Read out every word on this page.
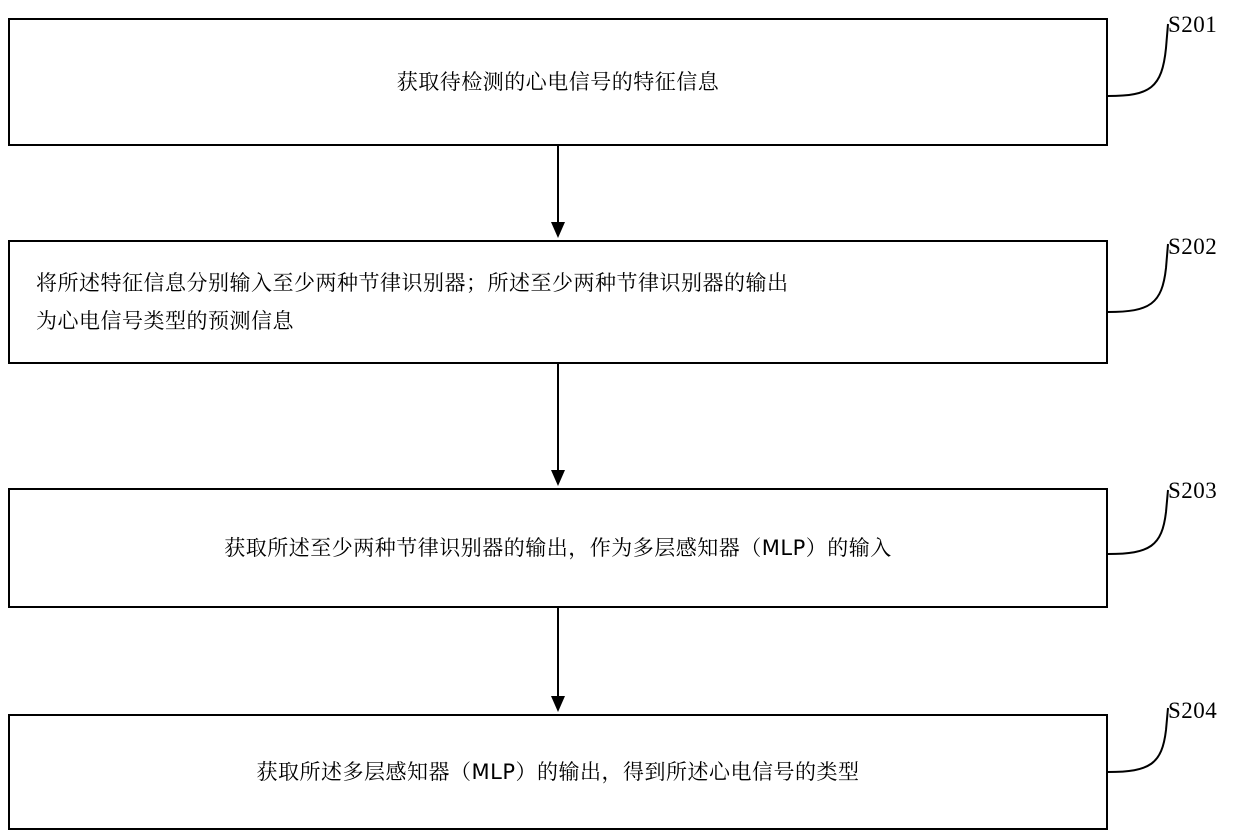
获取待检测的心电信号的特征信息
S201
将所述特征信息分别输入至少两种节律识别器；所述至少两种节律识别器的输出
为心电信号类型的预测信息
S202
获取所述至少两种节律识别器的输出，作为多层感知器（MLP）的输入
S203
获取所述多层感知器（MLP）的输出，得到所述心电信号的类型
S204
